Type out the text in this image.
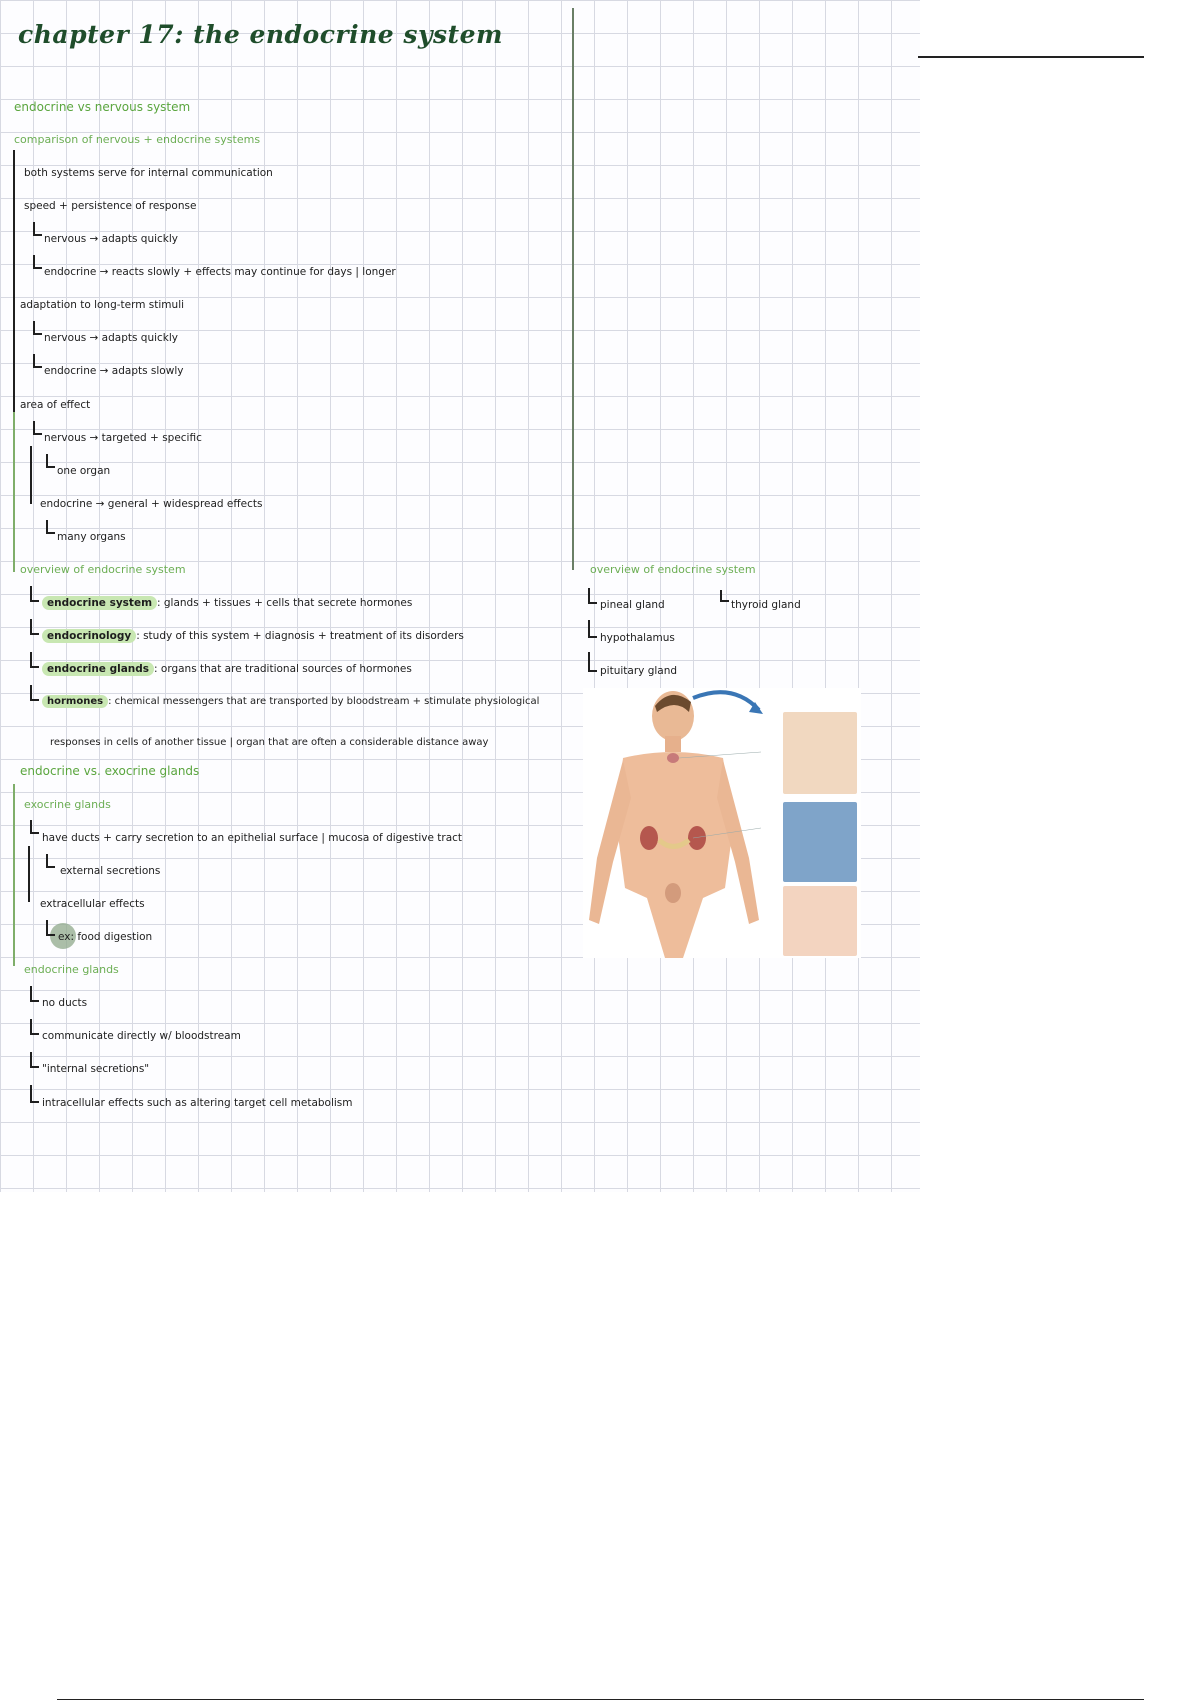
chapter 17: the endocrine system
endocrine vs nervous system
comparison of nervous + endocrine systems
both systems serve for internal communication
speed + persistence of response
nervous → adapts quickly
endocrine → reacts slowly + effects may continue for days | longer
adaptation to long-term stimuli
nervous → adapts quickly
endocrine → adapts slowly
area of effect
nervous → targeted + specific
one organ
endocrine → general + widespread effects
many organs
overview of endocrine system
endocrine system : glands + tissues + cells that secrete hormones
endocrinology : study of this system + diagnosis + treatment of its disorders
endocrine glands : organs that are traditional sources of hormones
hormones : chemical messengers that are transported by bloodstream + stimulate physiological
responses in cells of another tissue | organ that are often a considerable distance away
endocrine vs. exocrine glands
exocrine glands
have ducts + carry secretion to an epithelial surface | mucosa of digestive tract
external secretions
extracellular effects
ex: food digestion
endocrine glands
no ducts
communicate directly w/ bloodstream
"internal secretions"
intracellular effects such as altering target cell metabolism
overview of endocrine system
pineal gland
hypothalamus
pituitary gland
thyroid gland
